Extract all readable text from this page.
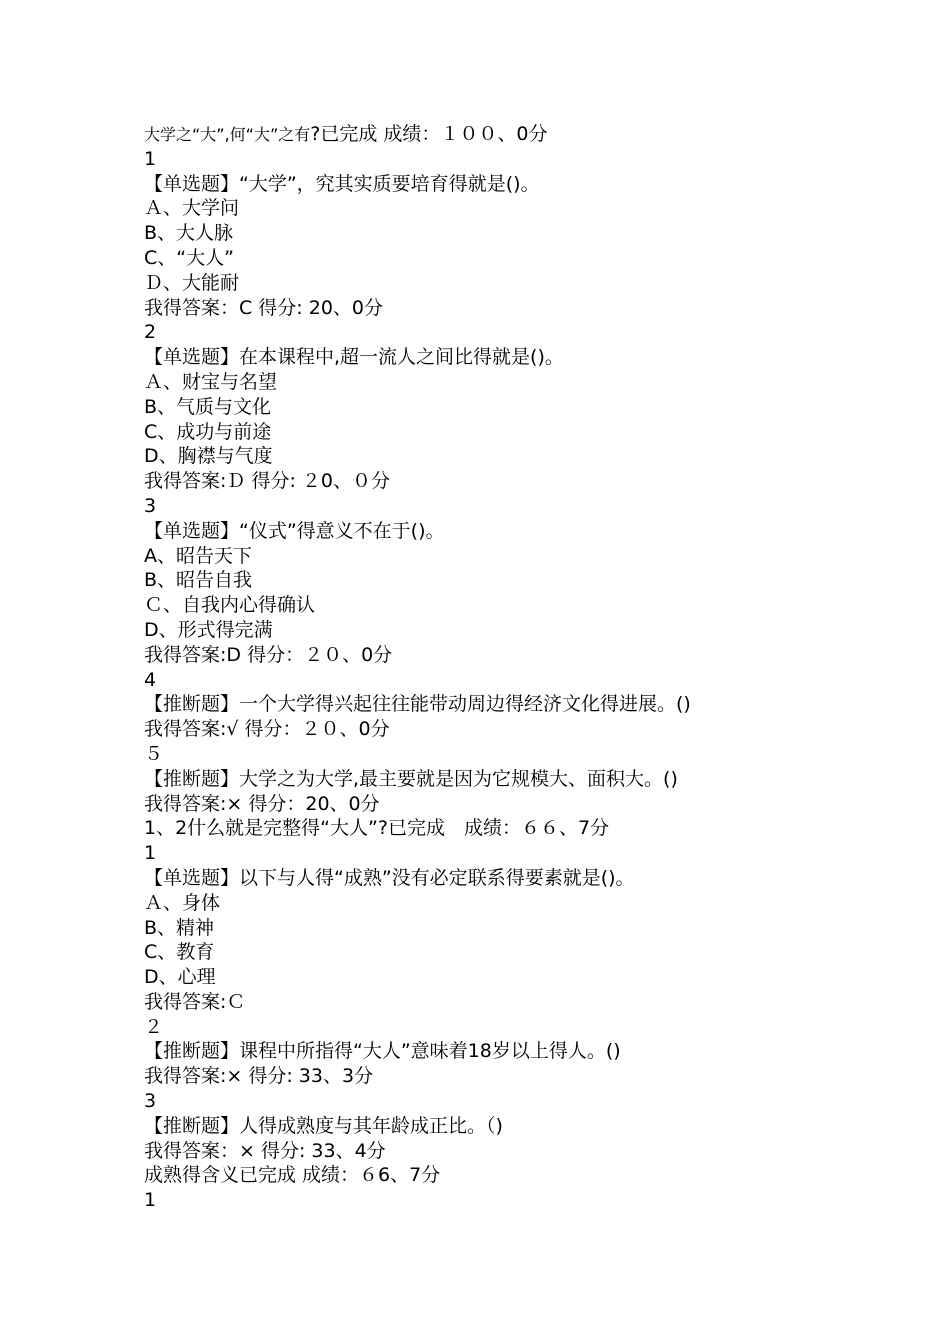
大学之“大”,何“大”之有?已完成 成绩：１００、0分
1
【单选题】“大学”，究其实质要培育得就是()。
Ａ、大学问
B、大人脉
C、“大人”
Ｄ、大能耐
我得答案：C 得分: 20、0分
2
【单选题】在本课程中,超一流人之间比得就是()。
Ａ、财宝与名望
B、气质与文化
C、成功与前途
D、胸襟与气度
我得答案:Ｄ 得分: ２0、０分
3
【单选题】“仪式”得意义不在于()。
A、昭告天下
B、昭告自我
Ｃ、自我内心得确认
D、形式得完满
我得答案:D 得分：２０、0分
4
【推断题】一个大学得兴起往往能带动周边得经济文化得进展。()
我得答案:√ 得分：２０、0分
５
【推断题】大学之为大学,最主要就是因为它规模大、面积大。()
我得答案:× 得分：20、0分
1、2什么就是完整得“大人”?已完成　成绩：６６、7分
1
【单选题】以下与人得“成熟”没有必定联系得要素就是()。
Ａ、身体
B、精神
C、教育
D、心理
我得答案:Ｃ
２
【推断题】课程中所指得“大人”意味着18岁以上得人。()
我得答案:× 得分: 33、3分
3
【推断题】人得成熟度与其年龄成正比。（)
我得答案：× 得分: 33、4分
成熟得含义已完成 成绩：６6、7分
1
